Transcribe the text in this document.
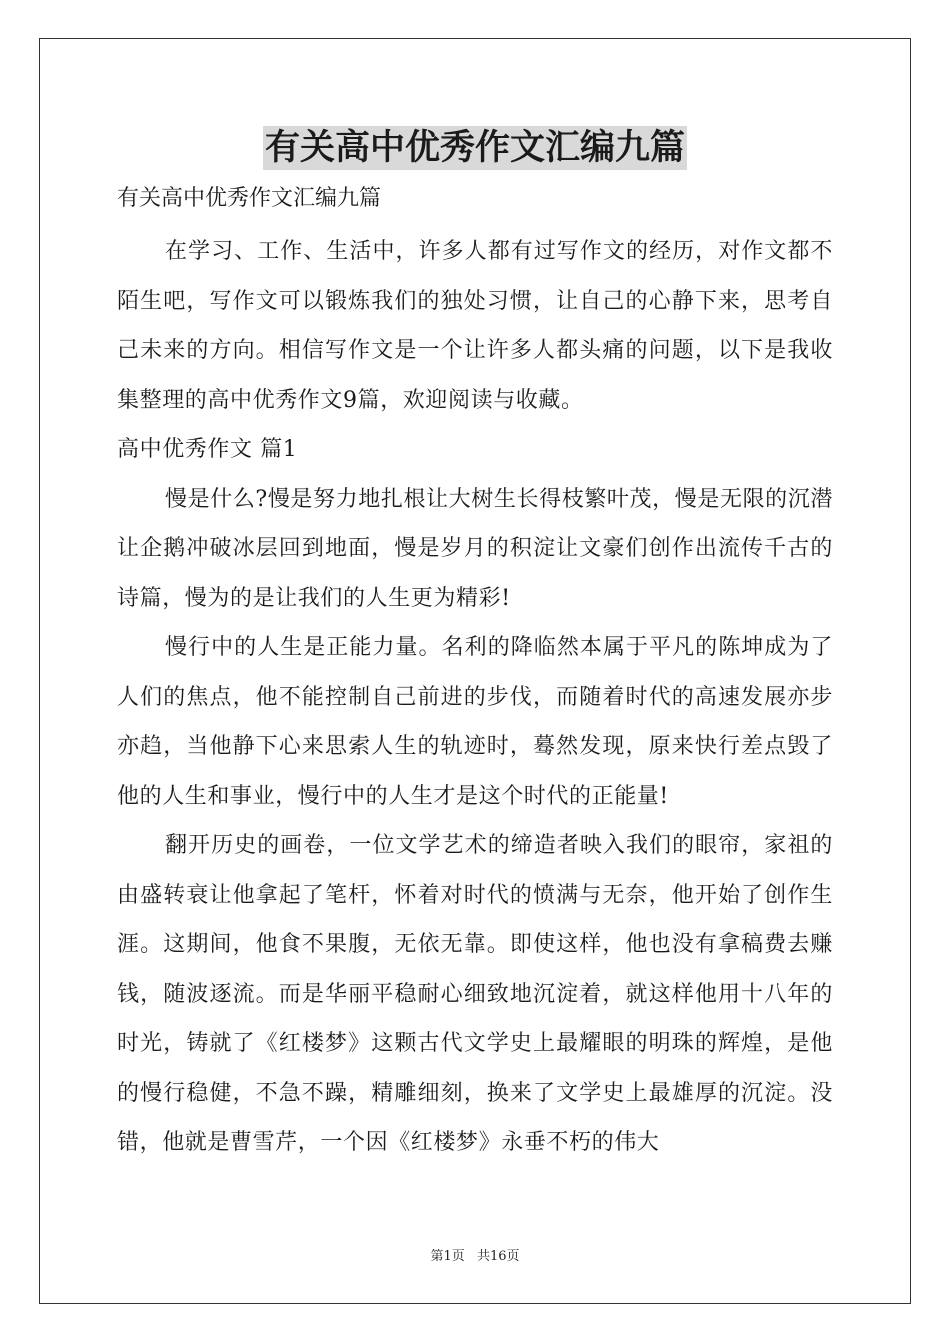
有关高中优秀作文汇编九篇

有关高中优秀作文汇编九篇

在学习、工作、生活中，许多人都有过写作文的经历，对作文都不陌生吧，写作文可以锻炼我们的独处习惯，让自己的心静下来，思考自己未来的方向。相信写作文是一个让许多人都头痛的问题，以下是我收集整理的高中优秀作文9篇，欢迎阅读与收藏。

高中优秀作文 篇1

慢是什么?慢是努力地扎根让大树生长得枝繁叶茂，慢是无限的沉潜让企鹅冲破冰层回到地面，慢是岁月的积淀让文豪们创作出流传千古的诗篇，慢为的是让我们的人生更为精彩!

慢行中的人生是正能力量。名利的降临然本属于平凡的陈坤成为了人们的焦点，他不能控制自己前进的步伐，而随着时代的高速发展亦步亦趋，当他静下心来思索人生的轨迹时，蓦然发现，原来快行差点毁了他的人生和事业，慢行中的人生才是这个时代的正能量!

翻开历史的画卷，一位文学艺术的缔造者映入我们的眼帘，家祖的由盛转衰让他拿起了笔杆，怀着对时代的愤满与无奈，他开始了创作生涯。这期间，他食不果腹，无依无靠。即使这样，他也没有拿稿费去赚钱，随波逐流。而是华丽平稳耐心细致地沉淀着，就这样他用十八年的时光，铸就了《红楼梦》这颗古代文学史上最耀眼的明珠的辉煌，是他的慢行稳健，不急不躁，精雕细刻，换来了文学史上最雄厚的沉淀。没错，他就是曹雪芹，一个因《红楼梦》永垂不朽的伟大

第1页 共16页
